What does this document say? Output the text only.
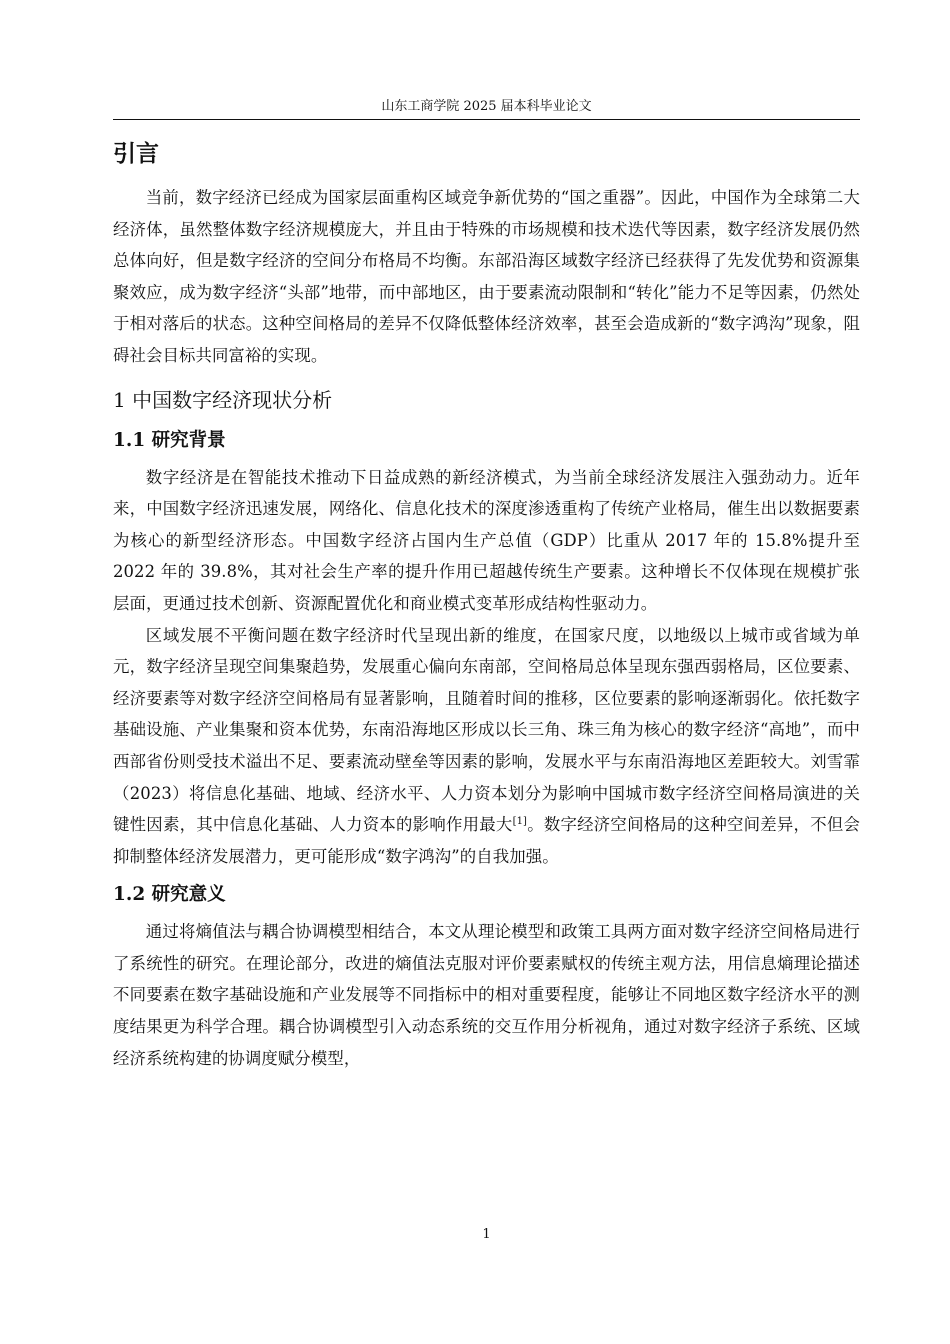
山东工商学院 2025 届本科毕业论文
引言

当前，数字经济已经成为国家层面重构区域竞争新优势的“国之重器”。因此，中国作为全球第二大经济体，虽然整体数字经济规模庞大，并且由于特殊的市场规模和技术迭代等因素，数字经济发展仍然总体向好，但是数字经济的空间分布格局不均衡。东部沿海区域数字经济已经获得了先发优势和资源集聚效应，成为数字经济“头部”地带，而中部地区，由于要素流动限制和“转化”能力不足等因素，仍然处于相对落后的状态。这种空间格局的差异不仅降低整体经济效率，甚至会造成新的“数字鸿沟”现象，阻碍社会目标共同富裕的实现。

1 中国数字经济现状分析
1.1 研究背景

数字经济是在智能技术推动下日益成熟的新经济模式，为当前全球经济发展注入强劲动力。近年来，中国数字经济迅速发展，网络化、信息化技术的深度渗透重构了传统产业格局，催生出以数据要素为核心的新型经济形态。中国数字经济占国内生产总值（GDP）比重从 2017 年的 15.8%提升至 2022 年的 39.8%，其对社会生产率的提升作用已超越传统生产要素。这种增长不仅体现在规模扩张层面，更通过技术创新、资源配置优化和商业模式变革形成结构性驱动力。

区域发展不平衡问题在数字经济时代呈现出新的维度，在国家尺度，以地级以上城市或省域为单元，数字经济呈现空间集聚趋势，发展重心偏向东南部，空间格局总体呈现东强西弱格局，区位要素、经济要素等对数字经济空间格局有显著影响，且随着时间的推移，区位要素的影响逐渐弱化。依托数字基础设施、产业集聚和资本优势，东南沿海地区形成以长三角、珠三角为核心的数字经济“高地”，而中西部省份则受技术溢出不足、要素流动壁垒等因素的影响，发展水平与东南沿海地区差距较大。刘雪霏（2023）将信息化基础、地域、经济水平、人力资本划分为影响中国城市数字经济空间格局演进的关键性因素，其中信息化基础、人力资本的影响作用最大[1]。数字经济空间格局的这种空间差异，不但会抑制整体经济发展潜力，更可能形成“数字鸿沟”的自我加强。

1.2 研究意义

通过将熵值法与耦合协调模型相结合，本文从理论模型和政策工具两方面对数字经济空间格局进行了系统性的研究。在理论部分，改进的熵值法克服对评价要素赋权的传统主观方法，用信息熵理论描述不同要素在数字基础设施和产业发展等不同指标中的相对重要程度，能够让不同地区数字经济水平的测度结果更为科学合理。耦合协调模型引入动态系统的交互作用分析视角，通过对数字经济子系统、区域经济系统构建的协调度赋分模型，

1
